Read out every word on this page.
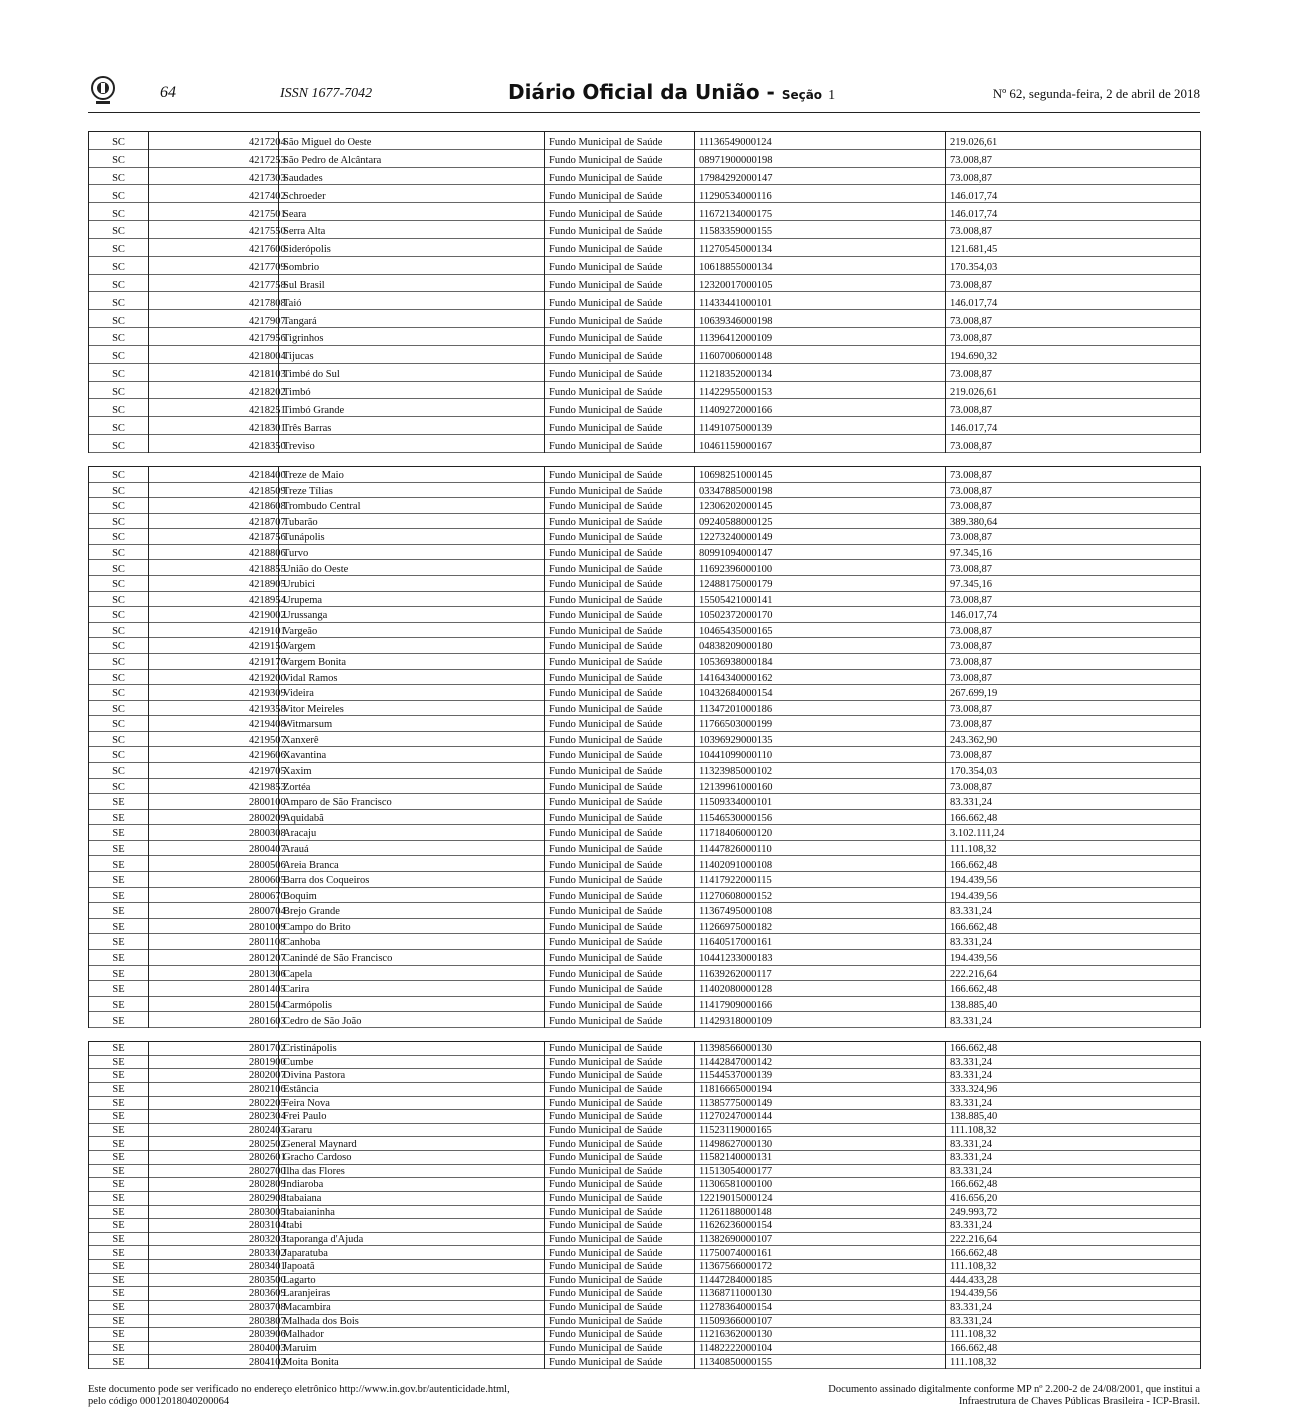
64	ISSN 1677-7042	Diário Oficial da União - Seção 1	Nº 62, segunda-feira, 2 de abril de 2018
SC	4217204	São Miguel do Oeste	Fundo Municipal de Saúde	11136549000124	219.026,61
SC	4217253	São Pedro de Alcântara	Fundo Municipal de Saúde	08971900000198	73.008,87
SC	4217303	Saudades	Fundo Municipal de Saúde	17984292000147	73.008,87
SC	4217402	Schroeder	Fundo Municipal de Saúde	11290534000116	146.017,74
SC	4217501	Seara	Fundo Municipal de Saúde	11672134000175	146.017,74
SC	4217550	Serra Alta	Fundo Municipal de Saúde	11583359000155	73.008,87
SC	4217600	Siderópolis	Fundo Municipal de Saúde	11270545000134	121.681,45
SC	4217709	Sombrio	Fundo Municipal de Saúde	10618855000134	170.354,03
SC	4217758	Sul Brasil	Fundo Municipal de Saúde	12320017000105	73.008,87
SC	4217808	Taió	Fundo Municipal de Saúde	11433441000101	146.017,74
SC	4217907	Tangará	Fundo Municipal de Saúde	10639346000198	73.008,87
SC	4217956	Tigrinhos	Fundo Municipal de Saúde	11396412000109	73.008,87
SC	4218004	Tijucas	Fundo Municipal de Saúde	11607006000148	194.690,32
SC	4218103	Timbé do Sul	Fundo Municipal de Saúde	11218352000134	73.008,87
SC	4218202	Timbó	Fundo Municipal de Saúde	11422955000153	219.026,61
SC	4218251	Timbó Grande	Fundo Municipal de Saúde	11409272000166	73.008,87
SC	4218301	Três Barras	Fundo Municipal de Saúde	11491075000139	146.017,74
SC	4218350	Treviso	Fundo Municipal de Saúde	10461159000167	73.008,87
SC	4218400	Treze de Maio	Fundo Municipal de Saúde	10698251000145	73.008,87
SC	4218509	Treze Tílias	Fundo Municipal de Saúde	03347885000198	73.008,87
SC	4218608	Trombudo Central	Fundo Municipal de Saúde	12306202000145	73.008,87
SC	4218707	Tubarão	Fundo Municipal de Saúde	09240588000125	389.380,64
SC	4218756	Tunápolis	Fundo Municipal de Saúde	12273240000149	73.008,87
SC	4218806	Turvo	Fundo Municipal de Saúde	80991094000147	97.345,16
SC	4218855	União do Oeste	Fundo Municipal de Saúde	11692396000100	73.008,87
SC	4218905	Urubici	Fundo Municipal de Saúde	12488175000179	97.345,16
SC	4218954	Urupema	Fundo Municipal de Saúde	15505421000141	73.008,87
SC	4219002	Urussanga	Fundo Municipal de Saúde	10502372000170	146.017,74
SC	4219101	Vargeão	Fundo Municipal de Saúde	10465435000165	73.008,87
SC	4219150	Vargem	Fundo Municipal de Saúde	04838209000180	73.008,87
SC	4219176	Vargem Bonita	Fundo Municipal de Saúde	10536938000184	73.008,87
SC	4219200	Vidal Ramos	Fundo Municipal de Saúde	14164340000162	73.008,87
SC	4219309	Videira	Fundo Municipal de Saúde	10432684000154	267.699,19
SC	4219358	Vitor Meireles	Fundo Municipal de Saúde	11347201000186	73.008,87
SC	4219408	Witmarsum	Fundo Municipal de Saúde	11766503000199	73.008,87
SC	4219507	Xanxerê	Fundo Municipal de Saúde	10396929000135	243.362,90
SC	4219606	Xavantina	Fundo Municipal de Saúde	10441099000110	73.008,87
SC	4219705	Xaxim	Fundo Municipal de Saúde	11323985000102	170.354,03
SC	4219853	Zortéa	Fundo Municipal de Saúde	12139961000160	73.008,87
SE	2800100	Amparo de São Francisco	Fundo Municipal de Saúde	11509334000101	83.331,24
SE	2800209	Aquidabã	Fundo Municipal de Saúde	11546530000156	166.662,48
SE	2800308	Aracaju	Fundo Municipal de Saúde	11718406000120	3.102.111,24
SE	2800407	Arauá	Fundo Municipal de Saúde	11447826000110	111.108,32
SE	2800506	Areia Branca	Fundo Municipal de Saúde	11402091000108	166.662,48
SE	2800605	Barra dos Coqueiros	Fundo Municipal de Saúde	11417922000115	194.439,56
SE	2800670	Boquim	Fundo Municipal de Saúde	11270608000152	194.439,56
SE	2800704	Brejo Grande	Fundo Municipal de Saúde	11367495000108	83.331,24
SE	2801009	Campo do Brito	Fundo Municipal de Saúde	11266975000182	166.662,48
SE	2801108	Canhoba	Fundo Municipal de Saúde	11640517000161	83.331,24
SE	2801207	Canindé de São Francisco	Fundo Municipal de Saúde	10441233000183	194.439,56
SE	2801306	Capela	Fundo Municipal de Saúde	11639262000117	222.216,64
SE	2801405	Carira	Fundo Municipal de Saúde	11402080000128	166.662,48
SE	2801504	Carmópolis	Fundo Municipal de Saúde	11417909000166	138.885,40
SE	2801603	Cedro de São João	Fundo Municipal de Saúde	11429318000109	83.331,24
SE	2801702	Cristinápolis	Fundo Municipal de Saúde	11398566000130	166.662,48
SE	2801900	Cumbe	Fundo Municipal de Saúde	11442847000142	83.331,24
SE	2802007	Divina Pastora	Fundo Municipal de Saúde	11544537000139	83.331,24
SE	2802106	Estância	Fundo Municipal de Saúde	11816665000194	333.324,96
SE	2802205	Feira Nova	Fundo Municipal de Saúde	11385775000149	83.331,24
SE	2802304	Frei Paulo	Fundo Municipal de Saúde	11270247000144	138.885,40
SE	2802403	Gararu	Fundo Municipal de Saúde	11523119000165	111.108,32
SE	2802502	General Maynard	Fundo Municipal de Saúde	11498627000130	83.331,24
SE	2802601	Gracho Cardoso	Fundo Municipal de Saúde	11582140000131	83.331,24
SE	2802700	Ilha das Flores	Fundo Municipal de Saúde	11513054000177	83.331,24
SE	2802809	Indiaroba	Fundo Municipal de Saúde	11306581000100	166.662,48
SE	2802908	Itabaiana	Fundo Municipal de Saúde	12219015000124	416.656,20
SE	2803005	Itabaianinha	Fundo Municipal de Saúde	11261188000148	249.993,72
SE	2803104	Itabi	Fundo Municipal de Saúde	11626236000154	83.331,24
SE	2803203	Itaporanga d'Ajuda	Fundo Municipal de Saúde	11382690000107	222.216,64
SE	2803302	Japaratuba	Fundo Municipal de Saúde	11750074000161	166.662,48
SE	2803401	Japoatã	Fundo Municipal de Saúde	11367566000172	111.108,32
SE	2803500	Lagarto	Fundo Municipal de Saúde	11447284000185	444.433,28
SE	2803609	Laranjeiras	Fundo Municipal de Saúde	11368711000130	194.439,56
SE	2803708	Macambira	Fundo Municipal de Saúde	11278364000154	83.331,24
SE	2803807	Malhada dos Bois	Fundo Municipal de Saúde	11509366000107	83.331,24
SE	2803906	Malhador	Fundo Municipal de Saúde	11216362000130	111.108,32
SE	2804003	Maruim	Fundo Municipal de Saúde	11482222000104	166.662,48
SE	2804102	Moita Bonita	Fundo Municipal de Saúde	11340850000155	111.108,32
Este documento pode ser verificado no endereço eletrônico http://www.in.gov.br/autenticidade.html,
pelo código 00012018040200064
Documento assinado digitalmente conforme MP nº 2.200-2 de 24/08/2001, que institui a
Infraestrutura de Chaves Públicas Brasileira - ICP-Brasil.
